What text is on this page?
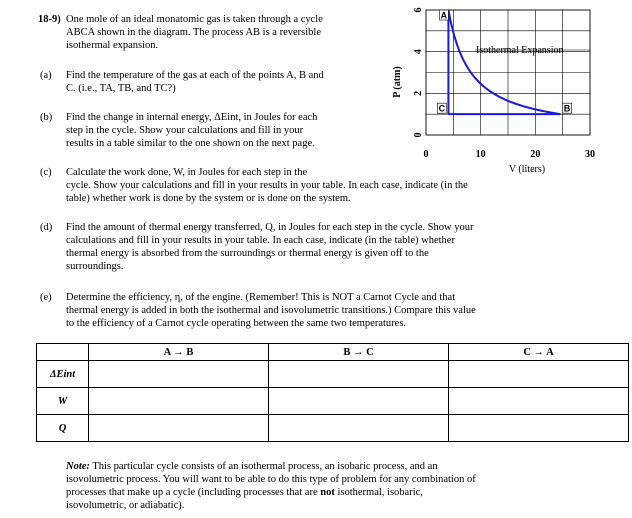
18-9) One mole of an ideal monatomic gas is taken through a cycle
ABCA shown in the diagram. The process AB is a reversible
isothermal expansion.
(a) Find the temperature of the gas at each of the points A, B and
C. (i.e., TA, TB, and TC?)
(b) Find the change in internal energy, ΔEint, in Joules for each
step in the cycle. Show your calculations and fill in your
results in a table similar to the one shown on the next page.
(c) Calculate the work done, W, in Joules for each step in the
cycle. Show your calculations and fill in your results in your table. In each case, indicate (in the
table) whether work is done by the system or is done on the system.
(d) Find the amount of thermal energy transferred, Q, in Joules for each step in the cycle. Show your
calculations and fill in your results in your table. In each case, indicate (in the table) whether
thermal energy is absorbed from the surroundings or thermal energy is given off to the
surroundings.
(e) Determine the efficiency, η, of the engine. (Remember! This is NOT a Carnot Cycle and that
thermal energy is added in both the isothermal and isovolumetric transitions.) Compare this value
to the efficiency of a Carnot cycle operating between the same two temperatures.
0	10	20	30
0
2
4
6
A
B
C
P (atm)
V (liters)
Isothermal Expansion
	A → B	B → C	C → A
ΔEint			
W			
Q			
Note: This particular cycle consists of an isothermal process, an isobaric process, and an
isovolumetric process. You will want to be able to do this type of problem for any combination of
processes that make up a cycle (including processes that are not isothermal, isobaric,
isovolumetric, or adiabatic).
